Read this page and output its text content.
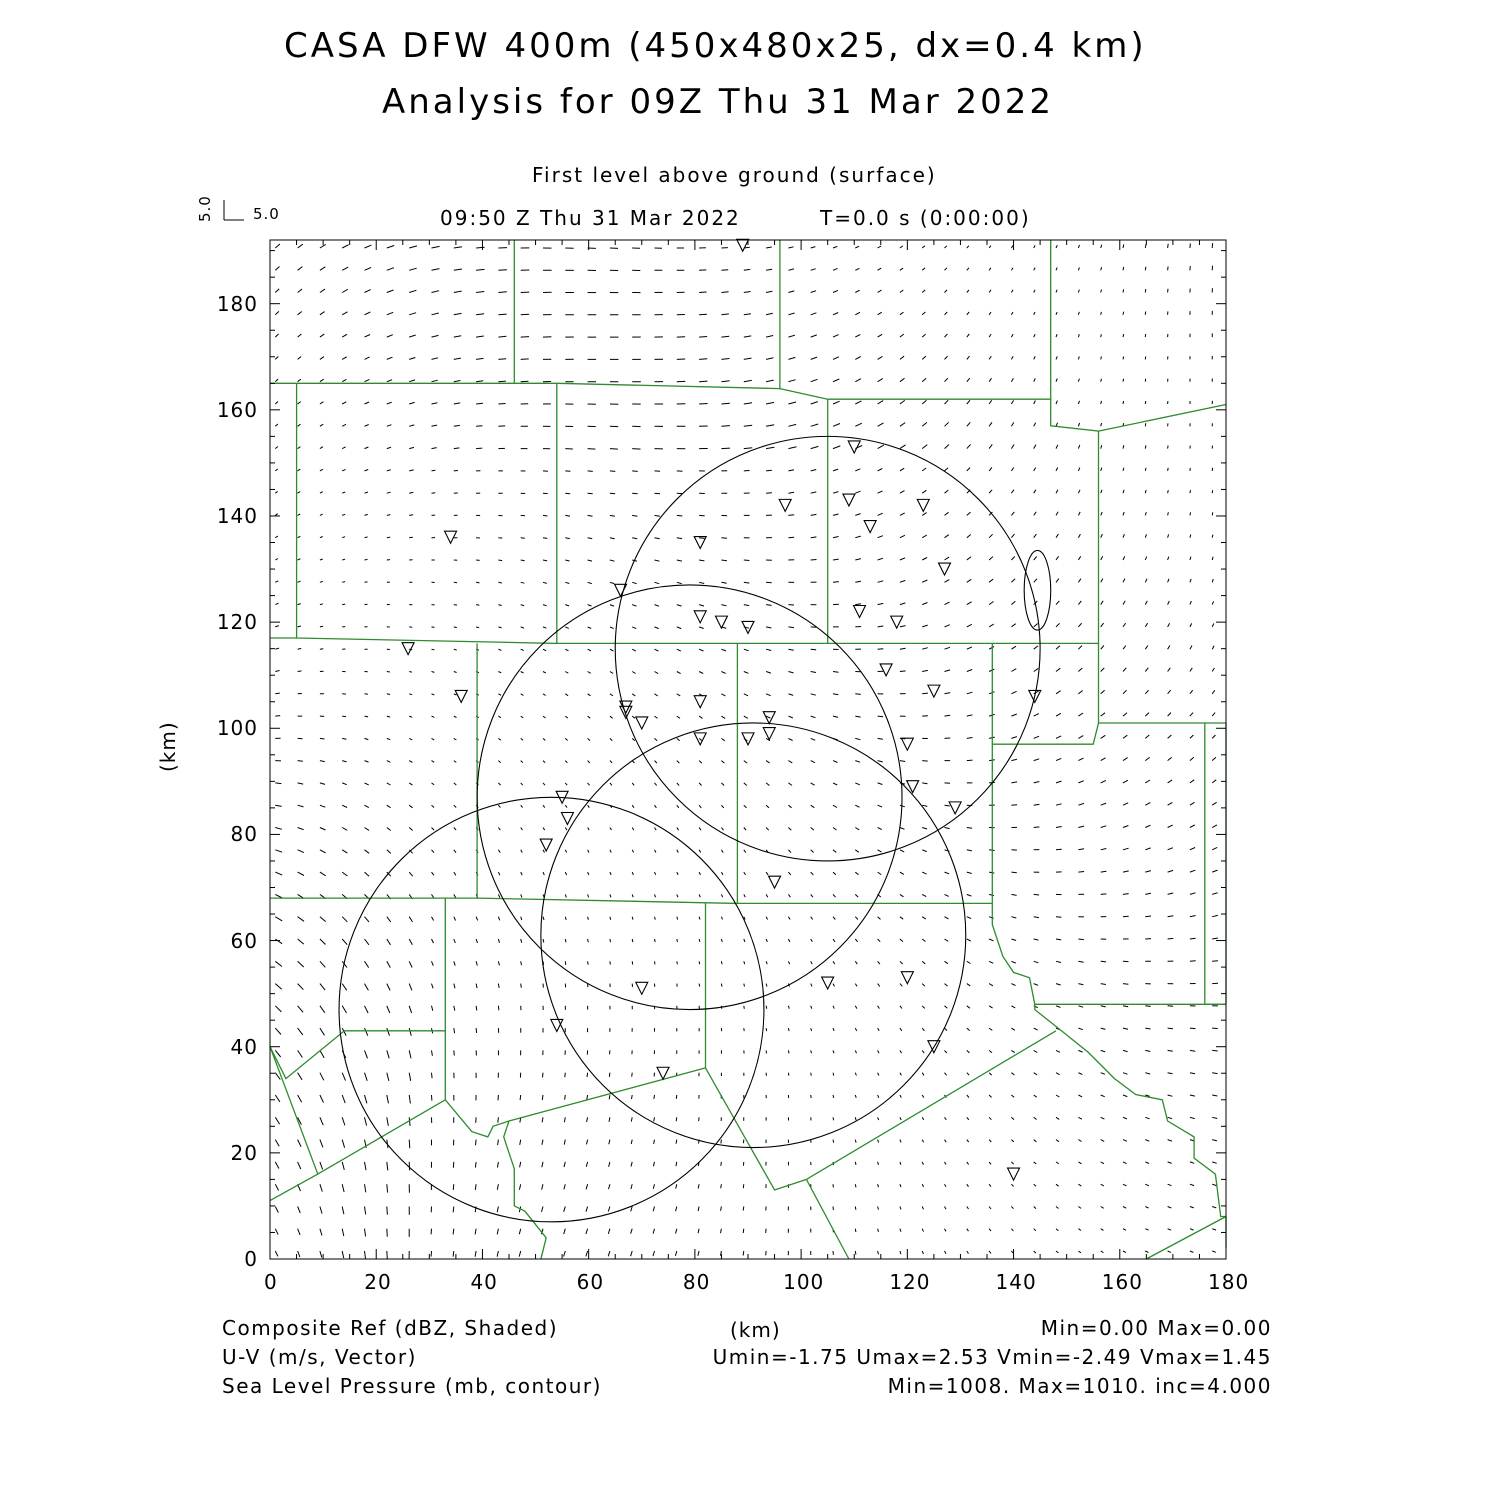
CASA DFW 400m (450x480x25, dx=0.4 km)
Analysis for 09Z Thu 31 Mar 2022
First level above ground (surface)
09:50 Z Thu 31 Mar 2022	T=0.0 s (0:00:00)
5.0
5.0
0	20	40	60	80	100	120	140	160	180
0
20
40
60
80
100
120
140
160
180
(km)
(km)
Composite Ref (dBZ, Shaded)	Min=0.00 Max=0.00
U-V (m/s, Vector)	Umin=-1.75 Umax=2.53 Vmin=-2.49 Vmax=1.45
Sea Level Pressure (mb, contour)	Min=1008. Max=1010. inc=4.000
